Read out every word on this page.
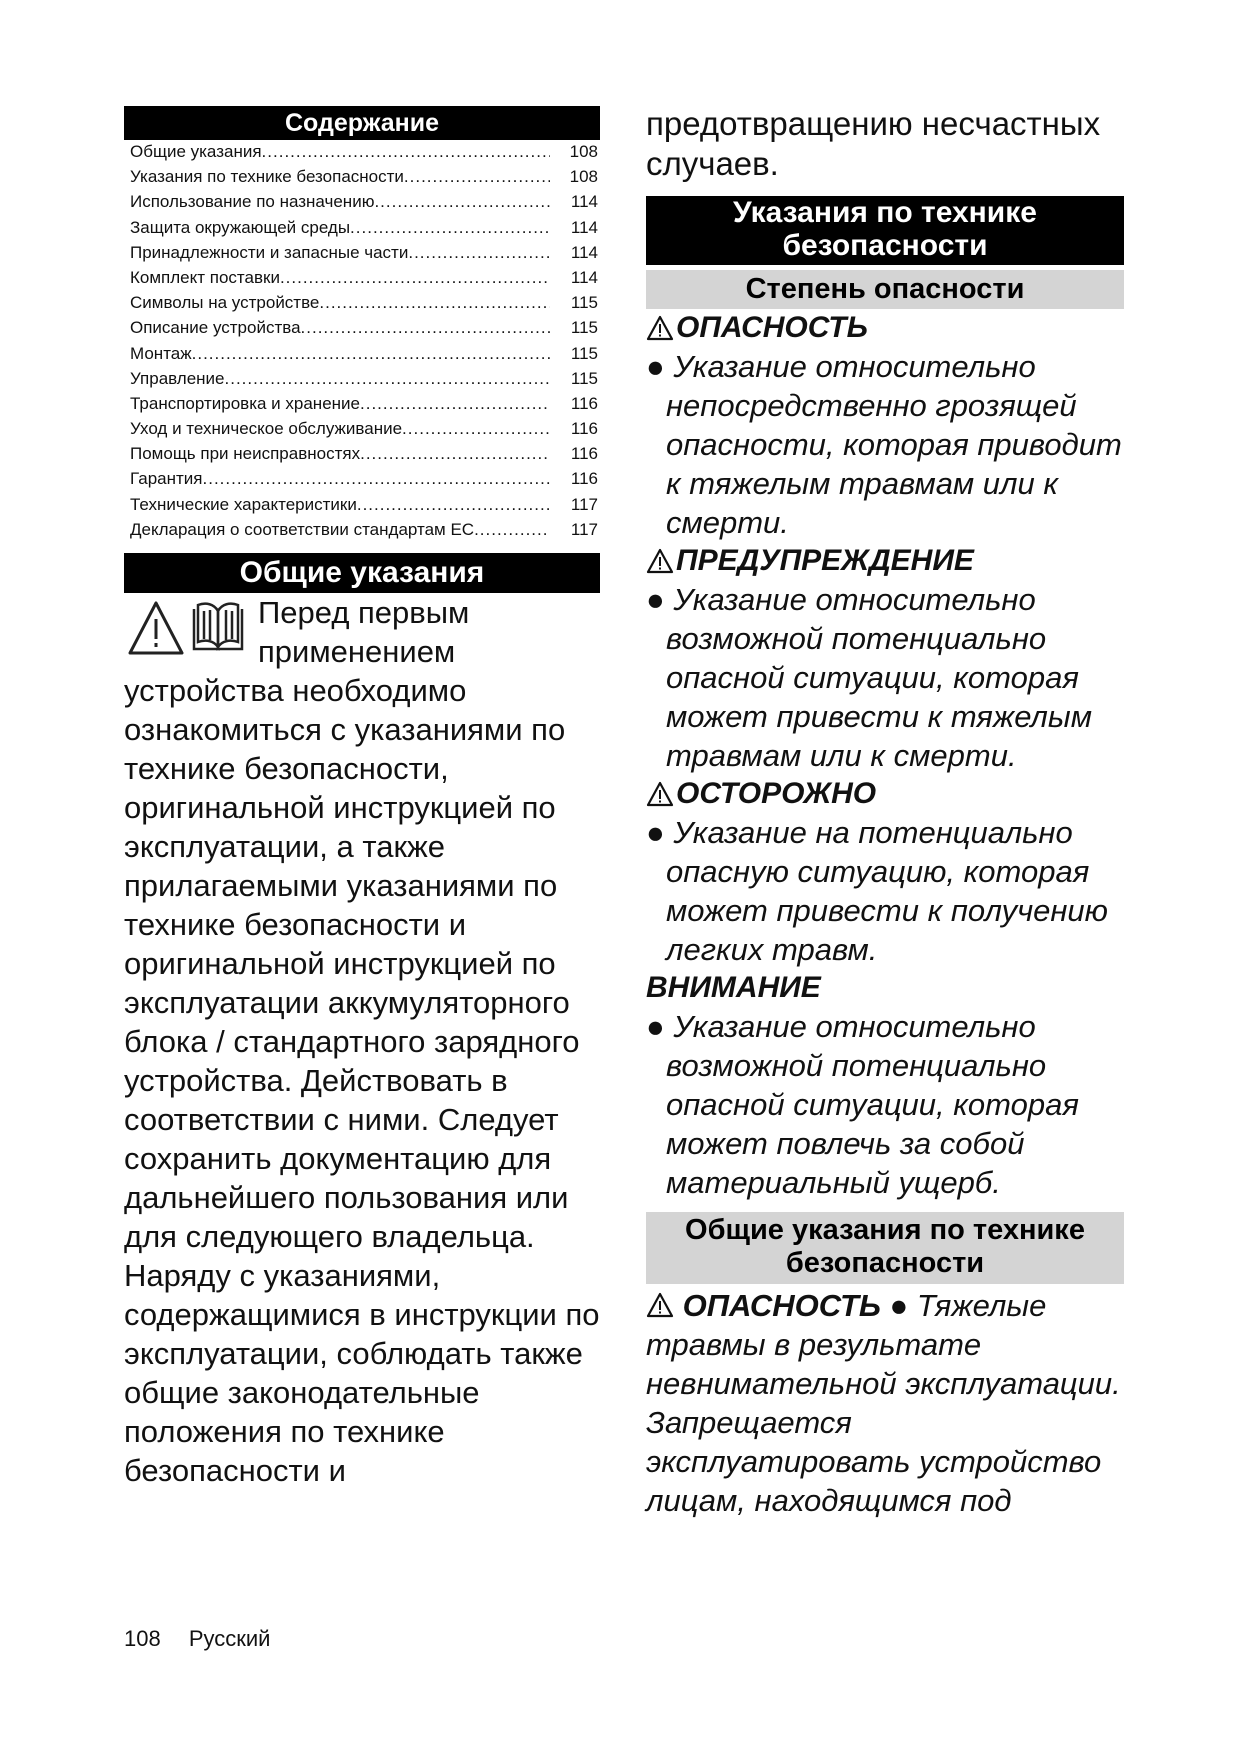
Содержание
Общие указания .....	108
Указания по технике безопасности .....	108
Использование по назначению .....	114
Защита окружающей среды .....	114
Принадлежности и запасные части .....	114
Комплект поставки .....	114
Символы на устройстве .....	115
Описание устройства .....	115
Монтаж .....	115
Управление .....	115
Транспортировка и хранение .....	116
Уход и техническое обслуживание .....	116
Помощь при неисправностях .....	116
Гарантия .....	116
Технические характеристики .....	117
Декларация о соответствии стандартам ЕС .....	117
Общие указания
Перед первым
применением

устройства необходимо ознакомиться с указаниями по технике безопасности, оригинальной инструкцией по эксплуатации, а также прилагаемыми указаниями по технике безопасности и оригинальной инструкцией по эксплуатации аккумуляторного блока / стандартного зарядного устройства. Действовать в соответствии с ними. Следует сохранить документацию для дальнейшего пользования или для следующего владельца.

Наряду с указаниями, содержащимися в инструкции по эксплуатации, соблюдать также общие законодательные положения по технике безопасности и

предотвращению несчастных случаев.

Указания по технике безопасности
Степень опасности
ОПАСНОСТЬ
● Указание относительно непосредственно грозящей опасности, которая приводит к тяжелым травмам или к смерти.
ПРЕДУПРЕЖДЕНИЕ
● Указание относительно возможной потенциально опасной ситуации, которая может привести к тяжелым травмам или к смерти.
ОСТОРОЖНО
● Указание на потенциально опасную ситуацию, которая может привести к получению легких травм.
ВНИМАНИЕ
● Указание относительно возможной потенциально опасной ситуации, которая может повлечь за собой материальный ущерб.
Общие указания по технике безопасности
ОПАСНОСТЬ ● Тяжелые травмы в результате невнимательной эксплуатации. Запрещается эксплуатировать устройство лицам, находящимся под
108 Русский
